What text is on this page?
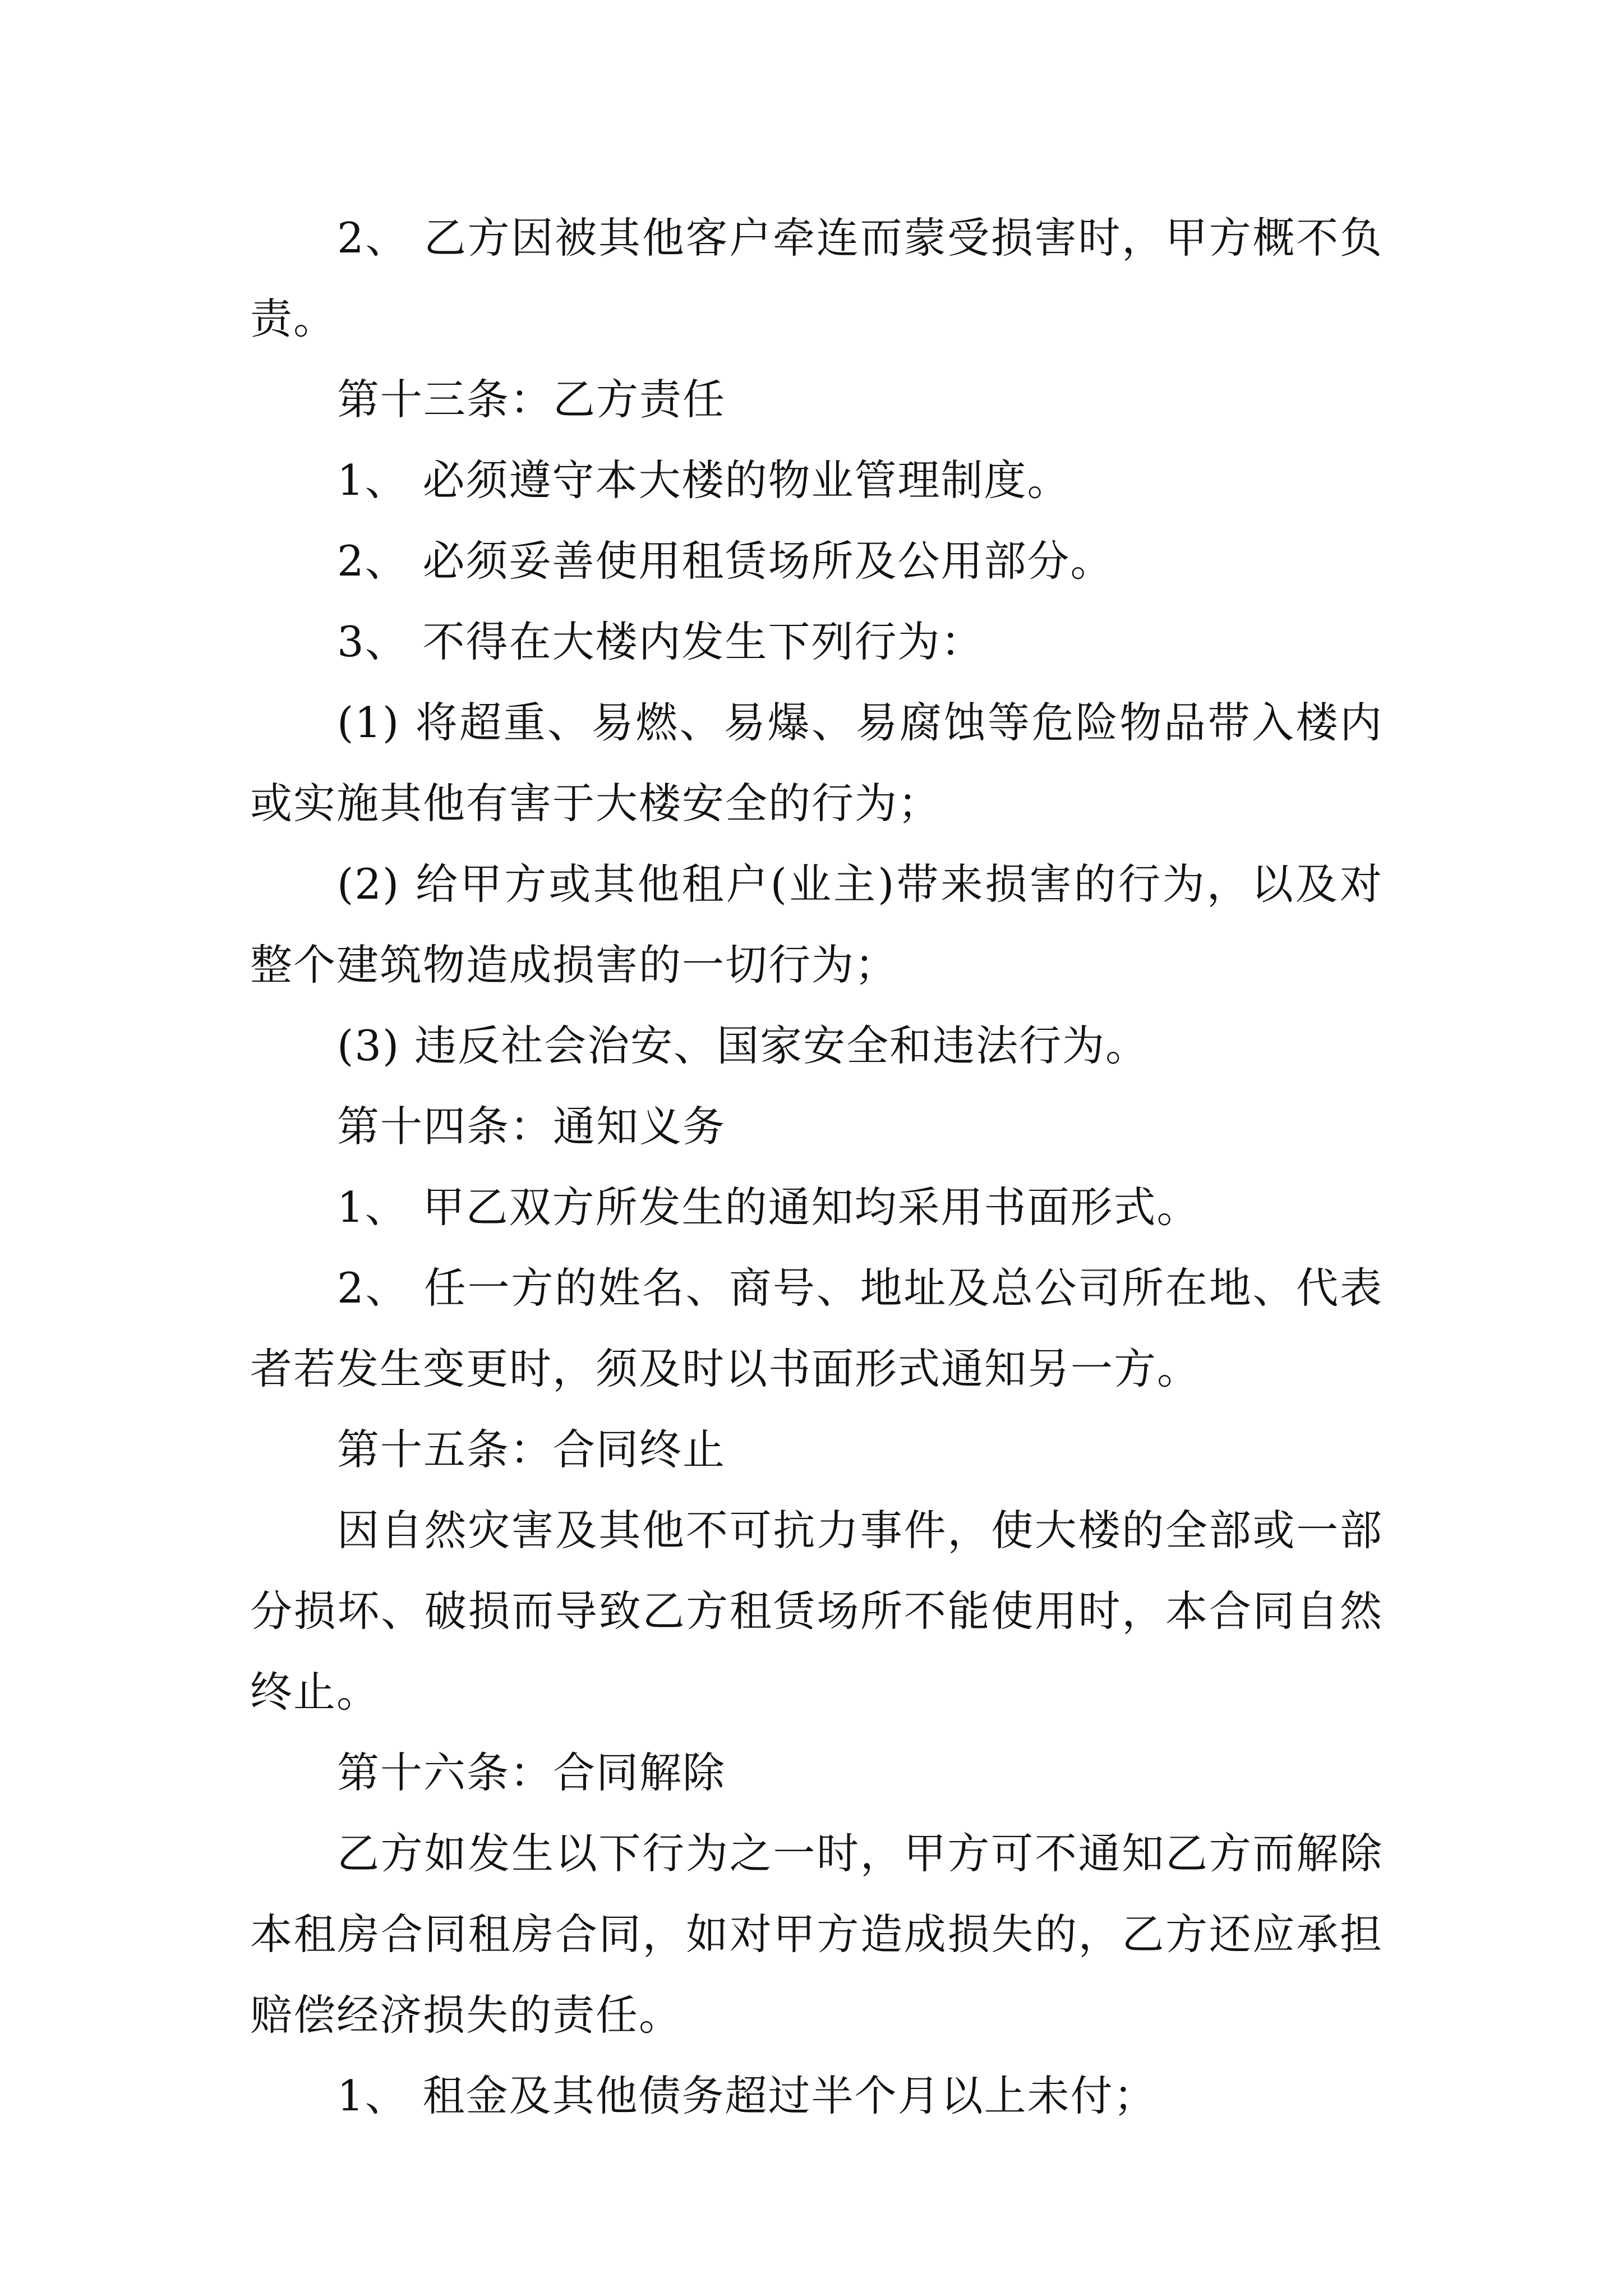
2、 乙方因被其他客户牵连而蒙受损害时，甲方概不负责。

第十三条：乙方责任

1、 必须遵守本大楼的物业管理制度。

2、 必须妥善使用租赁场所及公用部分。

3、 不得在大楼内发生下列行为：

(1) 将超重、易燃、易爆、易腐蚀等危险物品带入楼内或实施其他有害于大楼安全的行为；

(2) 给甲方或其他租户(业主)带来损害的行为，以及对整个建筑物造成损害的一切行为；

(3) 违反社会治安、国家安全和违法行为。

第十四条：通知义务

1、 甲乙双方所发生的通知均采用书面形式。

2、 任一方的姓名、商号、地址及总公司所在地、代表者若发生变更时，须及时以书面形式通知另一方。

第十五条：合同终止

因自然灾害及其他不可抗力事件，使大楼的全部或一部分损坏、破损而导致乙方租赁场所不能使用时，本合同自然终止。

第十六条：合同解除

乙方如发生以下行为之一时，甲方可不通知乙方而解除本租房合同租房合同，如对甲方造成损失的，乙方还应承担赔偿经济损失的责任。

1、 租金及其他债务超过半个月以上未付；
